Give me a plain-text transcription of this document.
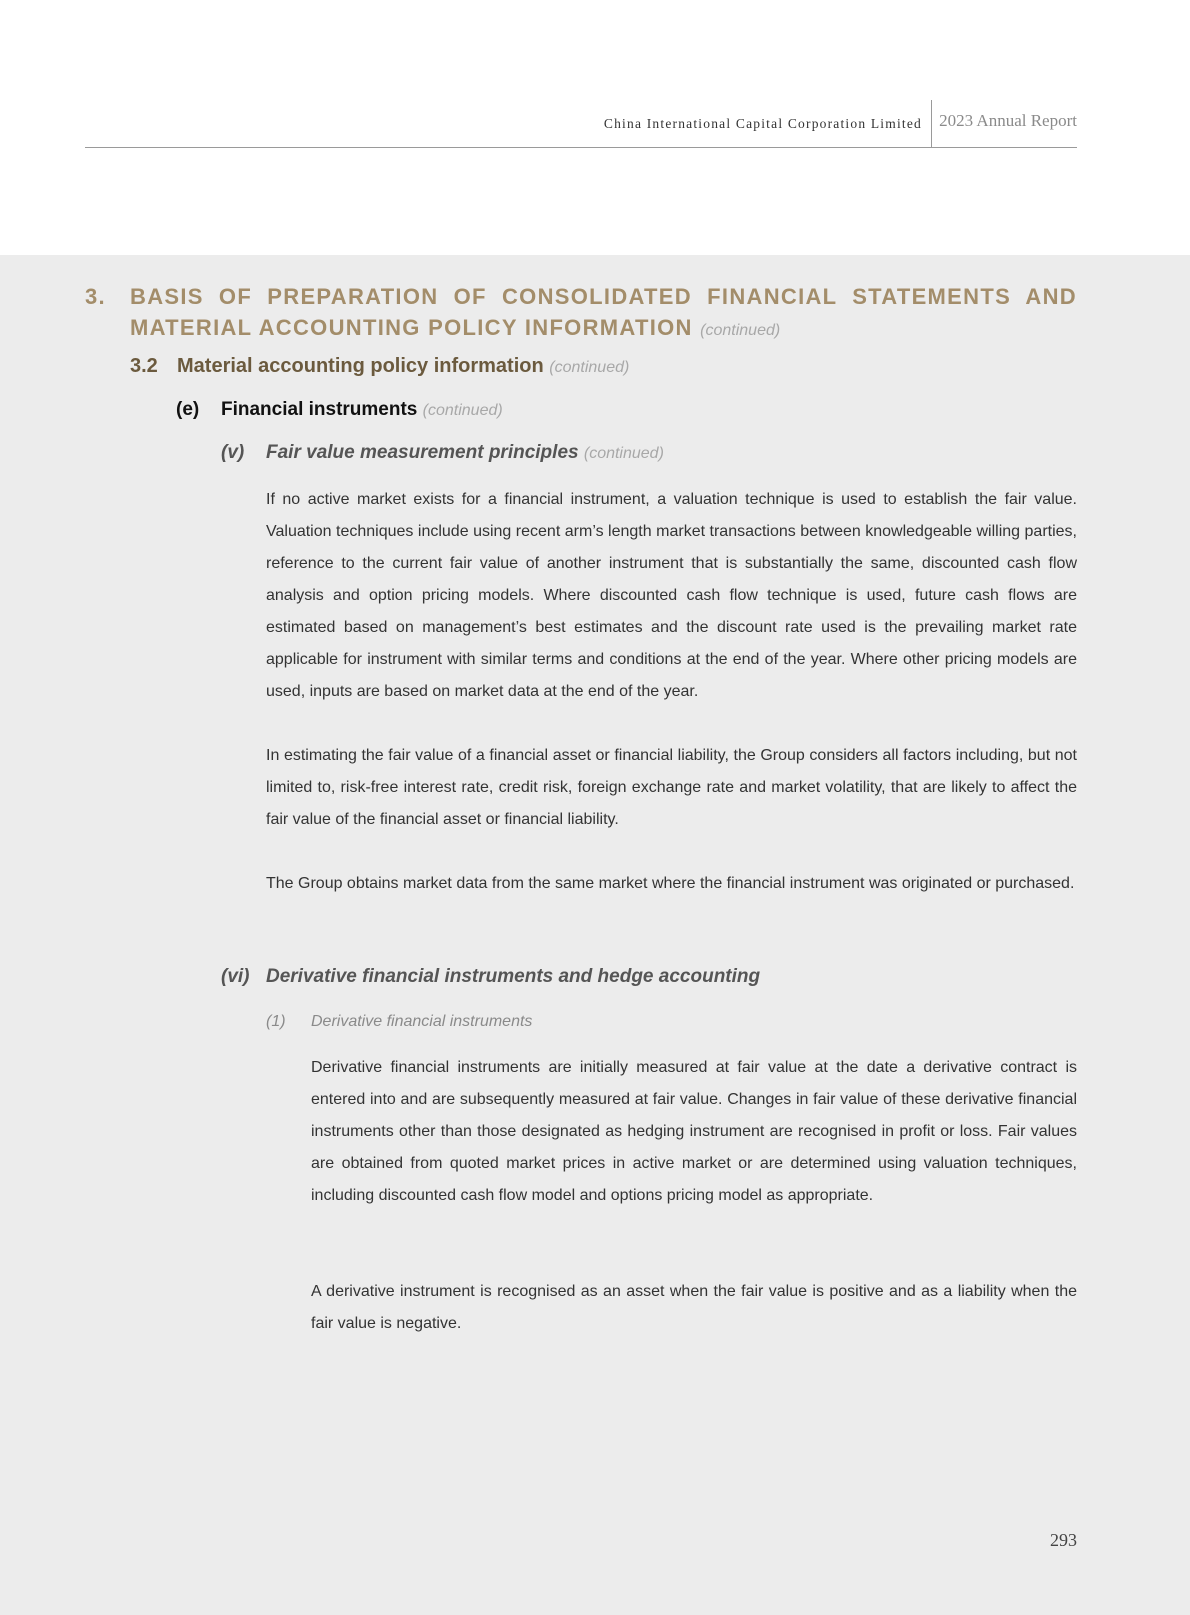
China International Capital Corporation Limited 2023 Annual Report
3. BASIS OF PREPARATION OF CONSOLIDATED FINANCIAL STATEMENTS AND MATERIAL ACCOUNTING POLICY INFORMATION (continued)
3.2 Material accounting policy information (continued)
(e) Financial instruments (continued)
(v) Fair value measurement principles (continued)
If no active market exists for a financial instrument, a valuation technique is used to establish the fair value. Valuation techniques include using recent arm’s length market transactions between knowledgeable willing parties, reference to the current fair value of another instrument that is substantially the same, discounted cash flow analysis and option pricing models. Where discounted cash flow technique is used, future cash flows are estimated based on management’s best estimates and the discount rate used is the prevailing market rate applicable for instrument with similar terms and conditions at the end of the year. Where other pricing models are used, inputs are based on market data at the end of the year.
In estimating the fair value of a financial asset or financial liability, the Group considers all factors including, but not limited to, risk-free interest rate, credit risk, foreign exchange rate and market volatility, that are likely to affect the fair value of the financial asset or financial liability.
The Group obtains market data from the same market where the financial instrument was originated or purchased.
(vi) Derivative financial instruments and hedge accounting
(1) Derivative financial instruments
Derivative financial instruments are initially measured at fair value at the date a derivative contract is entered into and are subsequently measured at fair value. Changes in fair value of these derivative financial instruments other than those designated as hedging instrument are recognised in profit or loss. Fair values are obtained from quoted market prices in active market or are determined using valuation techniques, including discounted cash flow model and options pricing model as appropriate.
A derivative instrument is recognised as an asset when the fair value is positive and as a liability when the fair value is negative.
293
